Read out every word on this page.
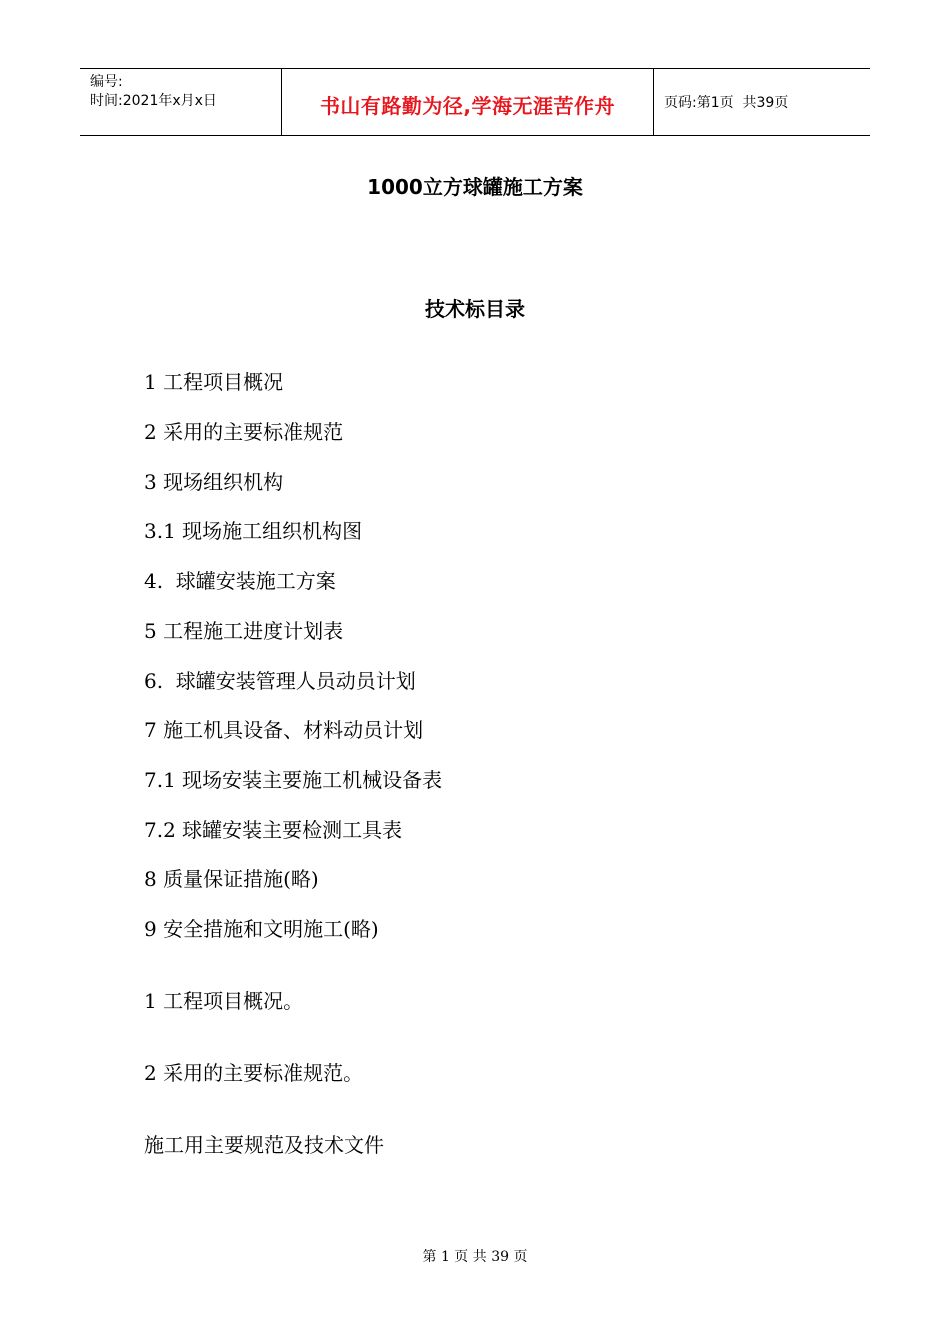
编号:
时间:2021年x月x日	书山有路勤为径,学海无涯苦作舟	页码:第1页  共39页
1000立方球罐施工方案
技术标目录
1 工程项目概况
2 采用的主要标准规范
3 现场组织机构
3.1 现场施工组织机构图
4.  球罐安装施工方案
5 工程施工进度计划表
6.  球罐安装管理人员动员计划
7 施工机具设备、材料动员计划
7.1 现场安装主要施工机械设备表
7.2 球罐安装主要检测工具表
8 质量保证措施(略)
9 安全措施和文明施工(略)
1 工程项目概况。
2 采用的主要标准规范。
施工用主要规范及技术文件
第 1 页 共 39 页
